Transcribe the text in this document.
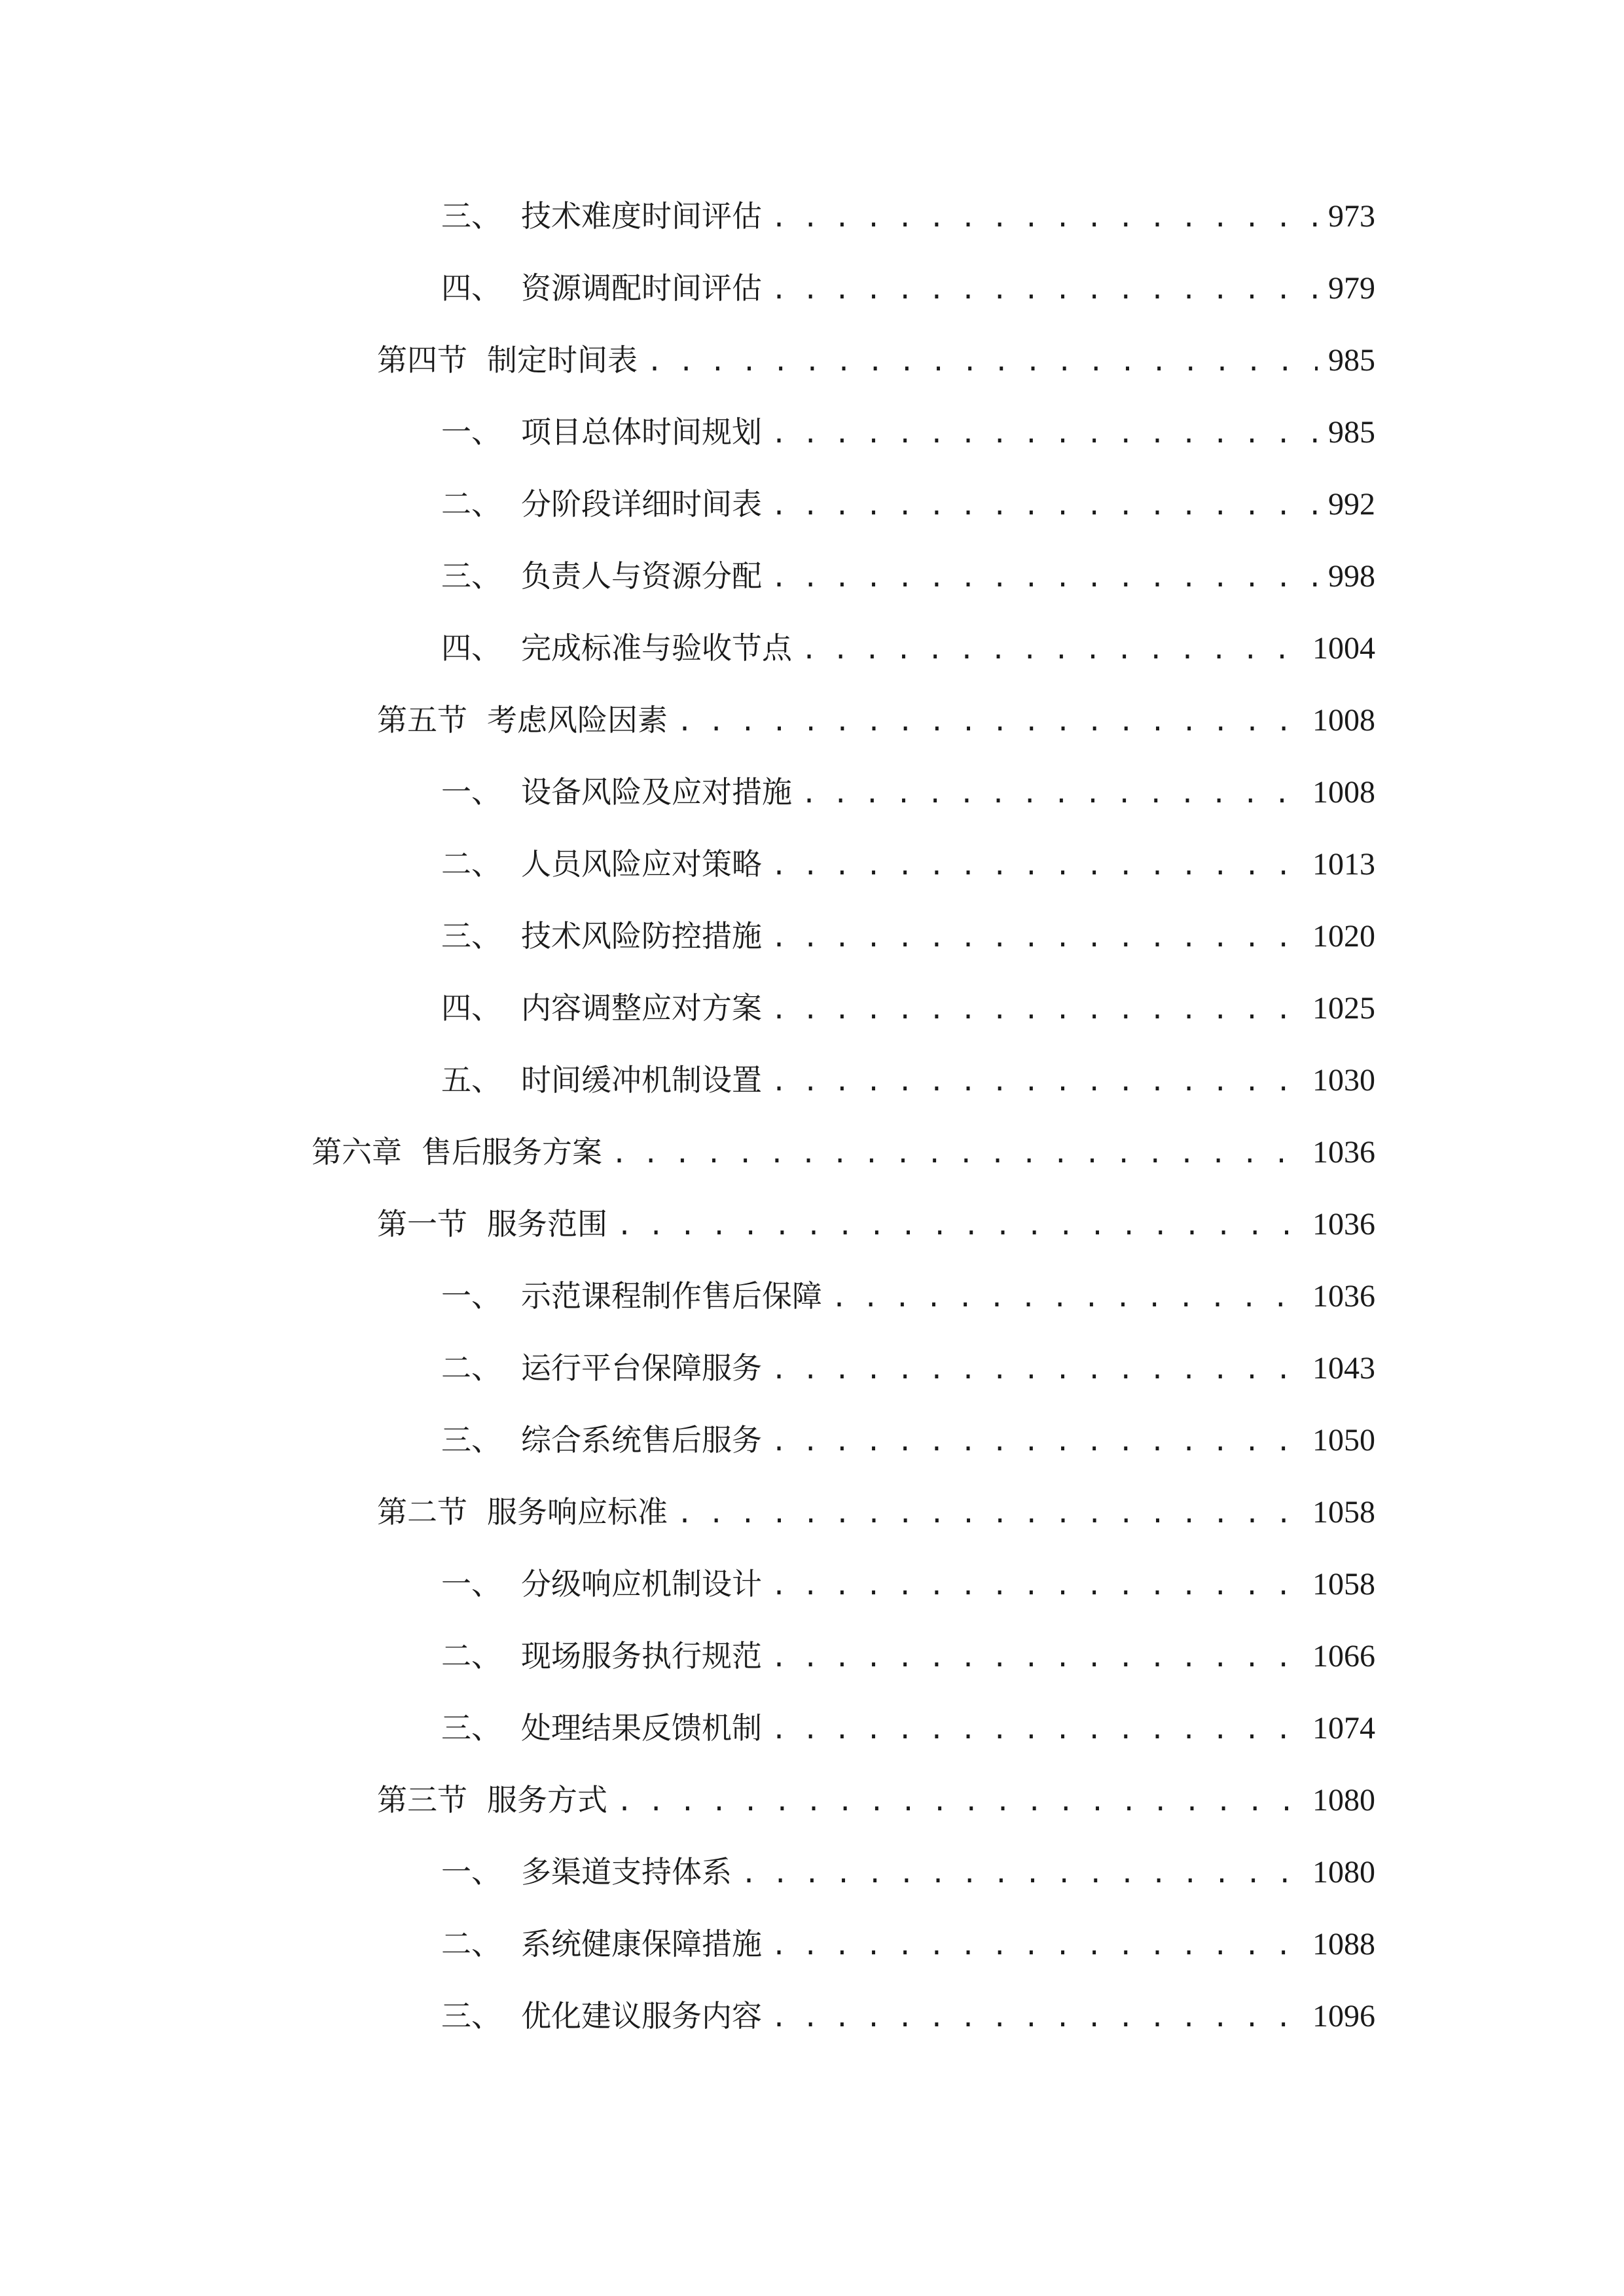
三、 技术难度时间评估 . . .	973
四、 资源调配时间评估 . . .	979
第四节 制定时间表 . . .	985
一、 项目总体时间规划 . . .	985
二、 分阶段详细时间表 . . .	992
三、 负责人与资源分配 . . .	998
四、 完成标准与验收节点 . . .	1004
第五节 考虑风险因素 . . .	1008
一、 设备风险及应对措施 . . .	1008
二、 人员风险应对策略 . . .	1013
三、 技术风险防控措施 . . .	1020
四、 内容调整应对方案 . . .	1025
五、 时间缓冲机制设置 . . .	1030
第六章 售后服务方案 . . .	1036
第一节 服务范围 . . .	1036
一、 示范课程制作售后保障 . . .	1036
二、 运行平台保障服务 . . .	1043
三、 综合系统售后服务 . . .	1050
第二节 服务响应标准 . . .	1058
一、 分级响应机制设计 . . .	1058
二、 现场服务执行规范 . . .	1066
三、 处理结果反馈机制 . . .	1074
第三节 服务方式 . . .	1080
一、 多渠道支持体系 . . .	1080
二、 系统健康保障措施 . . .	1088
三、 优化建议服务内容 . . .	1096
